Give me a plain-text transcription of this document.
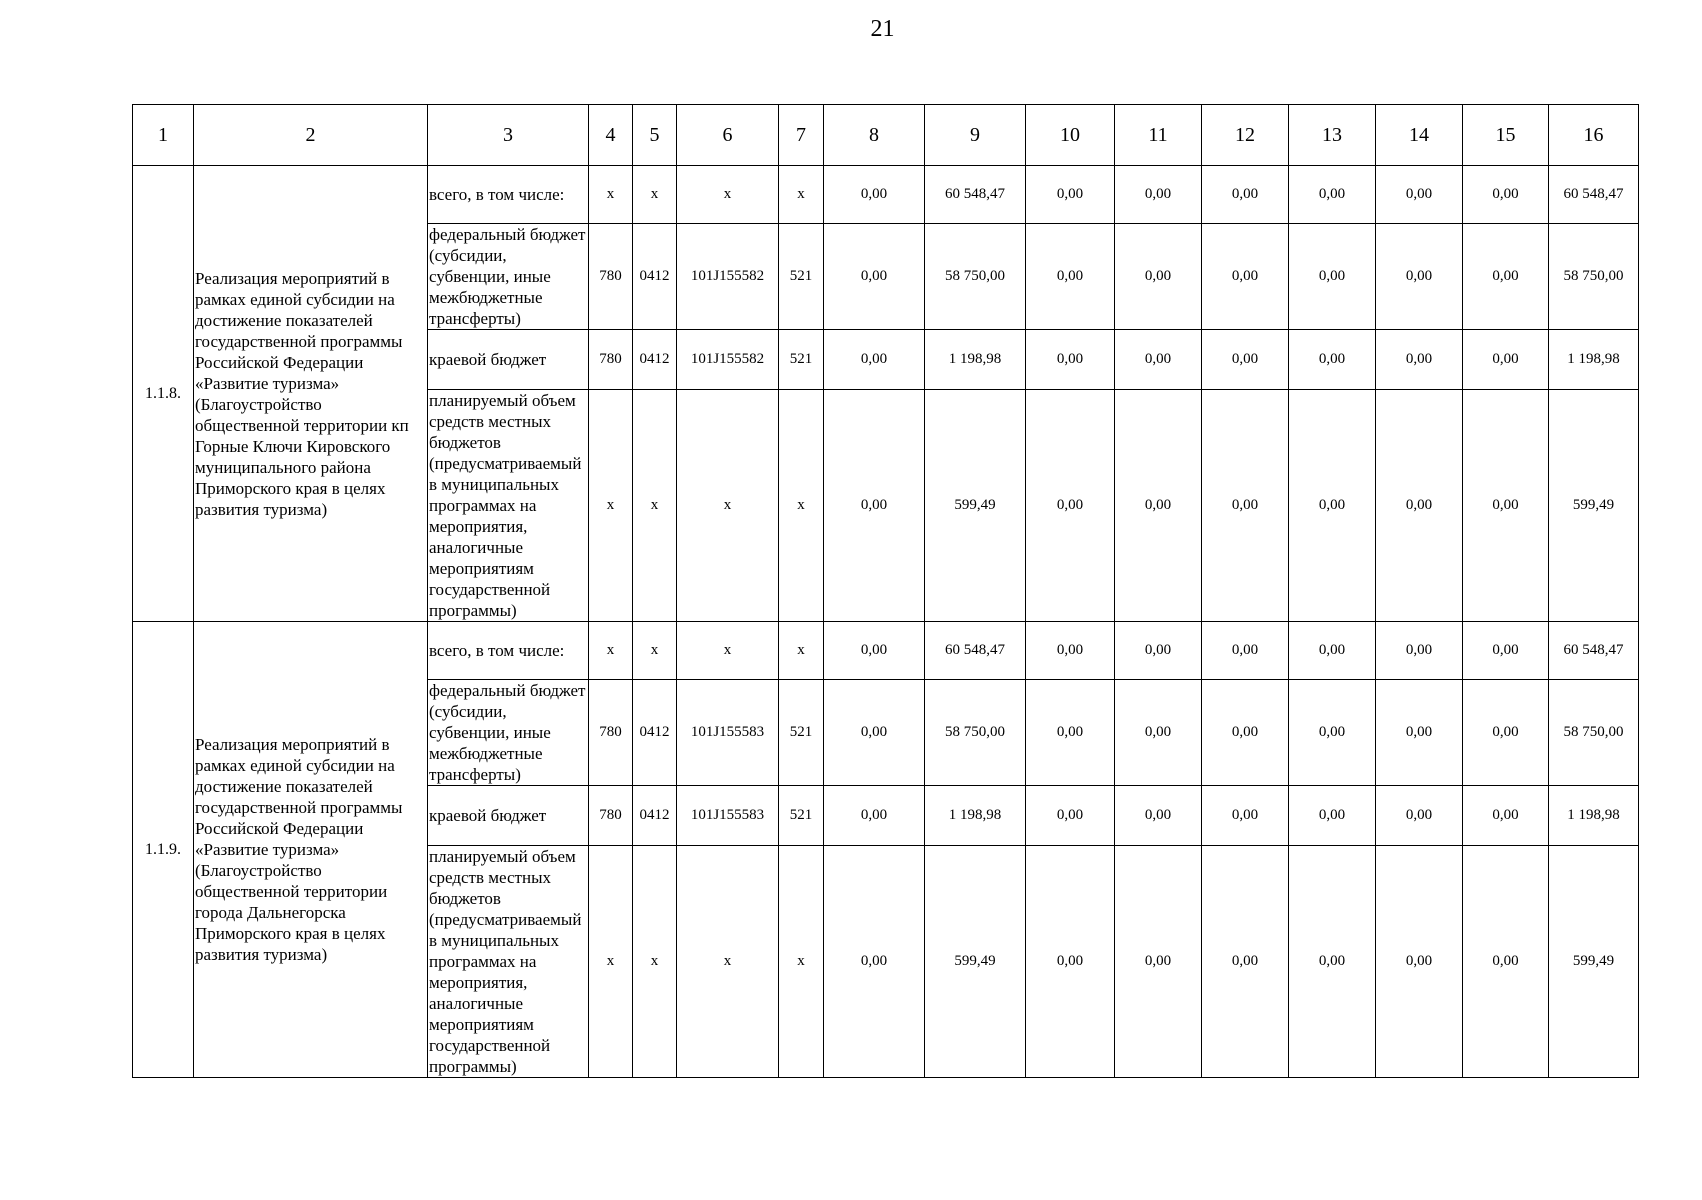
21
1	2	3	4	5	6	7	8	9	10	11	12	13	14	15	16
1.1.8.	Реализация мероприятий в рамках единой субсидии на достижение показателей государственной программы Российской Федерации «Развитие туризма» (Благоустройство общественной территории кп Горные Ключи Кировского муниципального района Приморского края в целях развития туризма)	всего, в том числе:	х	х	х	х	0,00	60 548,47	0,00	0,00	0,00	0,00	0,00	0,00	60 548,47
		федеральный бюджет (субсидии, субвенции, иные межбюджетные трансферты)	780	0412	101J155582	521	0,00	58 750,00	0,00	0,00	0,00	0,00	0,00	0,00	58 750,00
		краевой бюджет	780	0412	101J155582	521	0,00	1 198,98	0,00	0,00	0,00	0,00	0,00	0,00	1 198,98
		планируемый объем средств местных бюджетов (предусматриваемый в муниципальных программах на мероприятия, аналогичные мероприятиям государственной программы)	х	х	х	х	0,00	599,49	0,00	0,00	0,00	0,00	0,00	0,00	599,49
1.1.9.	Реализация мероприятий в рамках единой субсидии на достижение показателей государственной программы Российской Федерации «Развитие туризма» (Благоустройство общественной территории города Дальнегорска Приморского края в целях развития туризма)	всего, в том числе:	х	х	х	х	0,00	60 548,47	0,00	0,00	0,00	0,00	0,00	0,00	60 548,47
		федеральный бюджет (субсидии, субвенции, иные межбюджетные трансферты)	780	0412	101J155583	521	0,00	58 750,00	0,00	0,00	0,00	0,00	0,00	0,00	58 750,00
		краевой бюджет	780	0412	101J155583	521	0,00	1 198,98	0,00	0,00	0,00	0,00	0,00	0,00	1 198,98
		планируемый объем средств местных бюджетов (предусматриваемый в муниципальных программах на мероприятия, аналогичные мероприятиям государственной программы)	х	х	х	х	0,00	599,49	0,00	0,00	0,00	0,00	0,00	0,00	599,49
